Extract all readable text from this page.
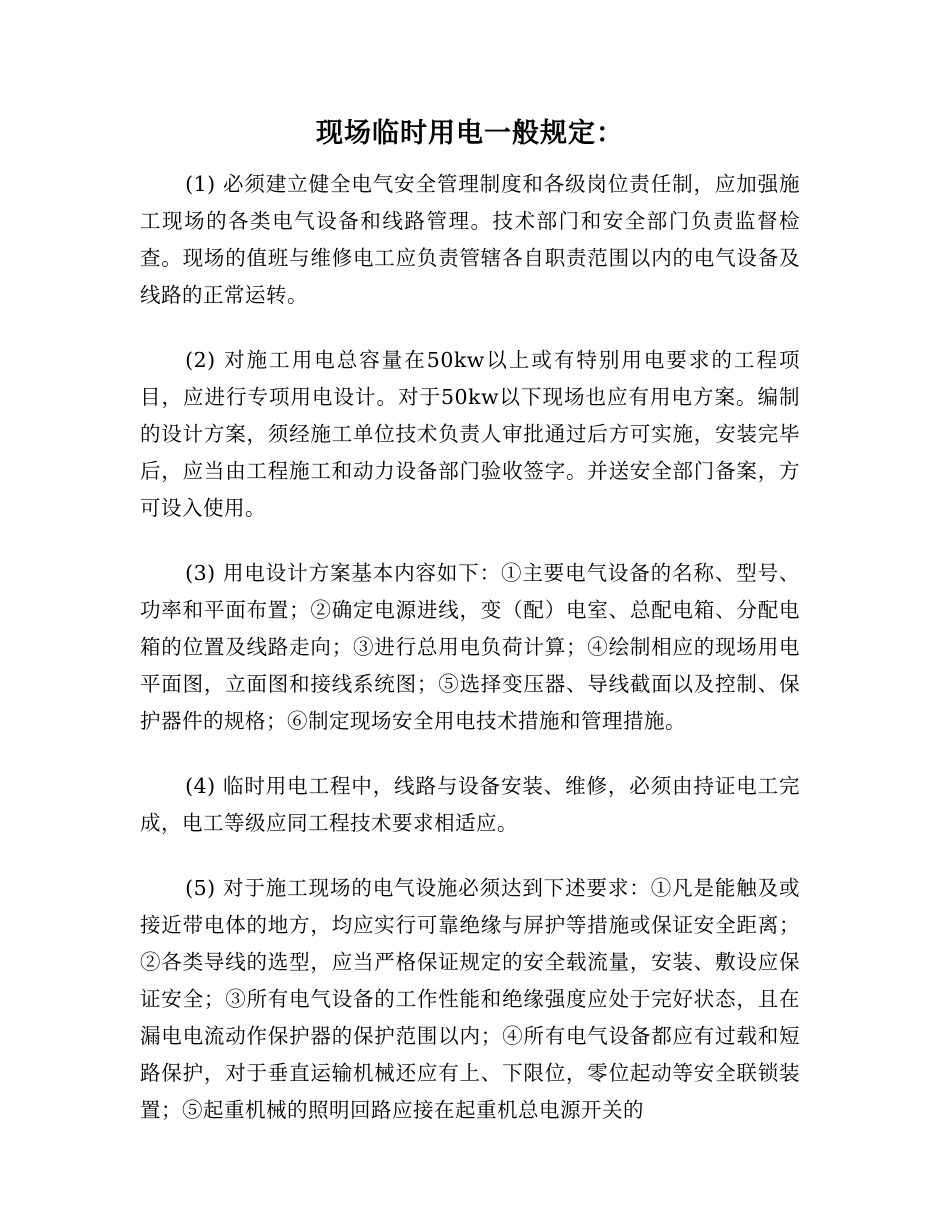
现场临时用电一般规定：

(1) 必须建立健全电气安全管理制度和各级岗位责任制，应加强施工现场的各类电气设备和线路管理。技术部门和安全部门负责监督检查。现场的值班与维修电工应负责管辖各自职责范围以内的电气设备及线路的正常运转。

(2) 对施工用电总容量在50kw以上或有特别用电要求的工程项目，应进行专项用电设计。对于50kw以下现场也应有用电方案。编制的设计方案，须经施工单位技术负责人审批通过后方可实施，安装完毕后，应当由工程施工和动力设备部门验收签字。并送安全部门备案，方可设入使用。

(3) 用电设计方案基本内容如下：①主要电气设备的名称、型号、功率和平面布置；②确定电源进线，变（配）电室、总配电箱、分配电箱的位置及线路走向；③进行总用电负荷计算；④绘制相应的现场用电平面图，立面图和接线系统图；⑤选择变压器、导线截面以及控制、保护器件的规格；⑥制定现场安全用电技术措施和管理措施。

(4) 临时用电工程中，线路与设备安装、维修，必须由持证电工完成，电工等级应同工程技术要求相适应。

(5) 对于施工现场的电气设施必须达到下述要求：①凡是能触及或接近带电体的地方，均应实行可靠绝缘与屏护等措施或保证安全距离；②各类导线的选型，应当严格保证规定的安全载流量，安装、敷设应保证安全；③所有电气设备的工作性能和绝缘强度应处于完好状态，且在漏电电流动作保护器的保护范围以内；④所有电气设备都应有过载和短路保护，对于垂直运输机械还应有上、下限位，零位起动等安全联锁装置；⑤起重机械的照明回路应接在起重机总电源开关的
